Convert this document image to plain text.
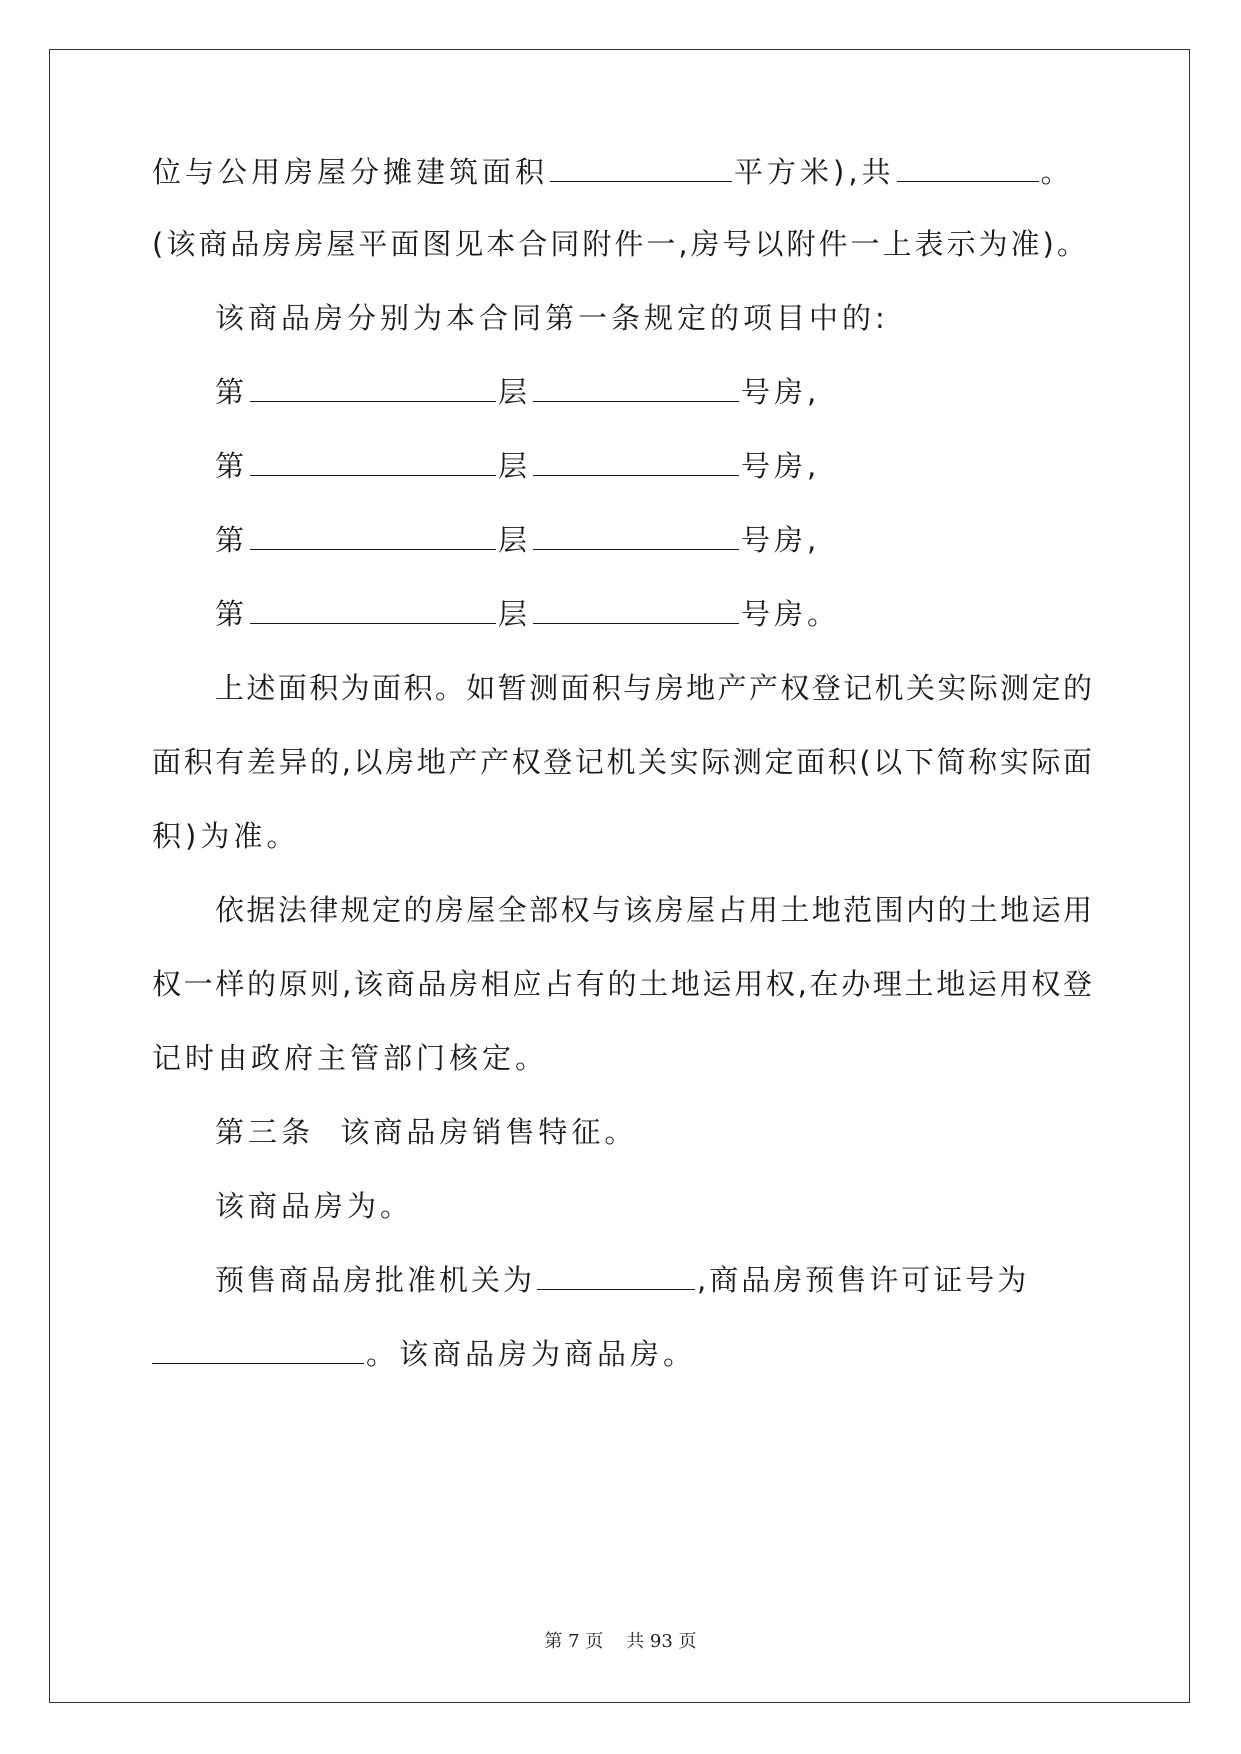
位与公用房屋分摊建筑面积	平方米),共	。
(该商品房房屋平面图见本合同附件一,房号以附件一上表示为准)。
该商品房分别为本合同第一条规定的项目中的:
第	层	号房,
第	层	号房,
第	层	号房,
第	层	号房。
上述面积为面积。如暂测面积与房地产产权登记机关实际测定的
面积有差异的,以房地产产权登记机关实际测定面积(以下简称实际面
积)为准。
依据法律规定的房屋全部权与该房屋占用土地范围内的土地运用
权一样的原则,该商品房相应占有的土地运用权,在办理土地运用权登
记时由政府主管部门核定。
第三条  该商品房销售特征。
该商品房为。
预售商品房批准机关为	,商品房预售许可证号为
。该商品房为商品房。
第 7 页    共 93 页
